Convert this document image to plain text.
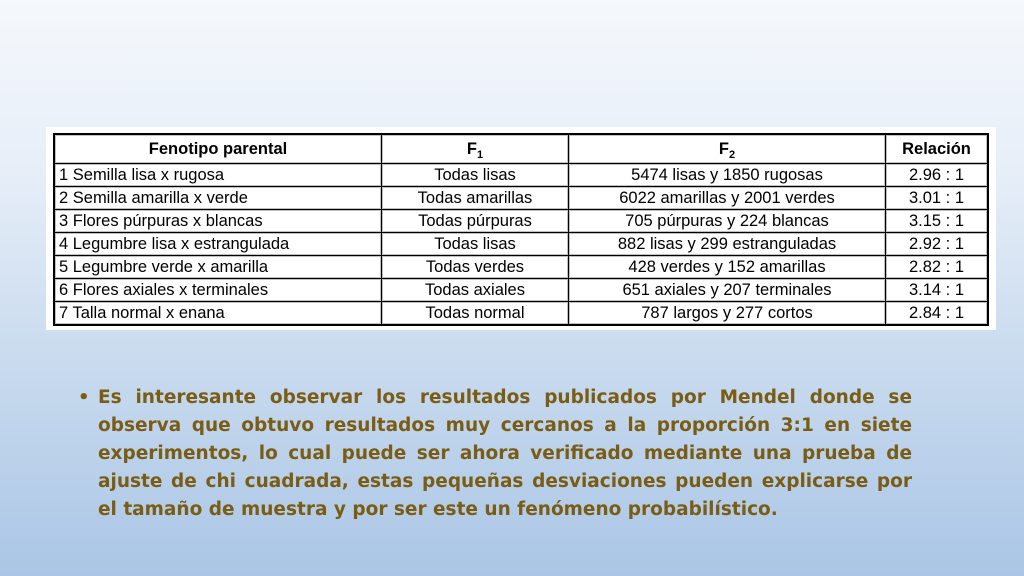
Fenotipo parental	$F_1$	$F_2$	Relación
1 Semilla lisa x rugosa	Todas lisas	5474 lisas y 1850 rugosas	2.96 : 1
2 Semilla amarilla x verde	Todas amarillas	6022 amarillas y 2001 verdes	3.01 : 1
3 Flores púrpuras x blancas	Todas púrpuras	705 púrpuras y 224 blancas	3.15 : 1
4 Legumbre lisa x estrangulada	Todas lisas	882 lisas y 299 estranguladas	2.92 : 1
5 Legumbre verde x amarilla	Todas verdes	428 verdes y 152 amarillas	2.82 : 1
6 Flores axiales x terminales	Todas axiales	651 axiales y 207 terminales	3.14 : 1
7 Talla normal x enana	Todas normal	787 largos y 277 cortos	2.84 : 1
• Es interesante observar los resultados publicados por Mendel donde se observa que obtuvo resultados muy cercanos a la proporción 3:1 en siete experimentos, lo cual puede ser ahora verificado mediante una prueba de ajuste de chi cuadrada, estas pequeñas desviaciones pueden explicarse por el tamaño de muestra y por ser este un fenómeno probabilístico.
